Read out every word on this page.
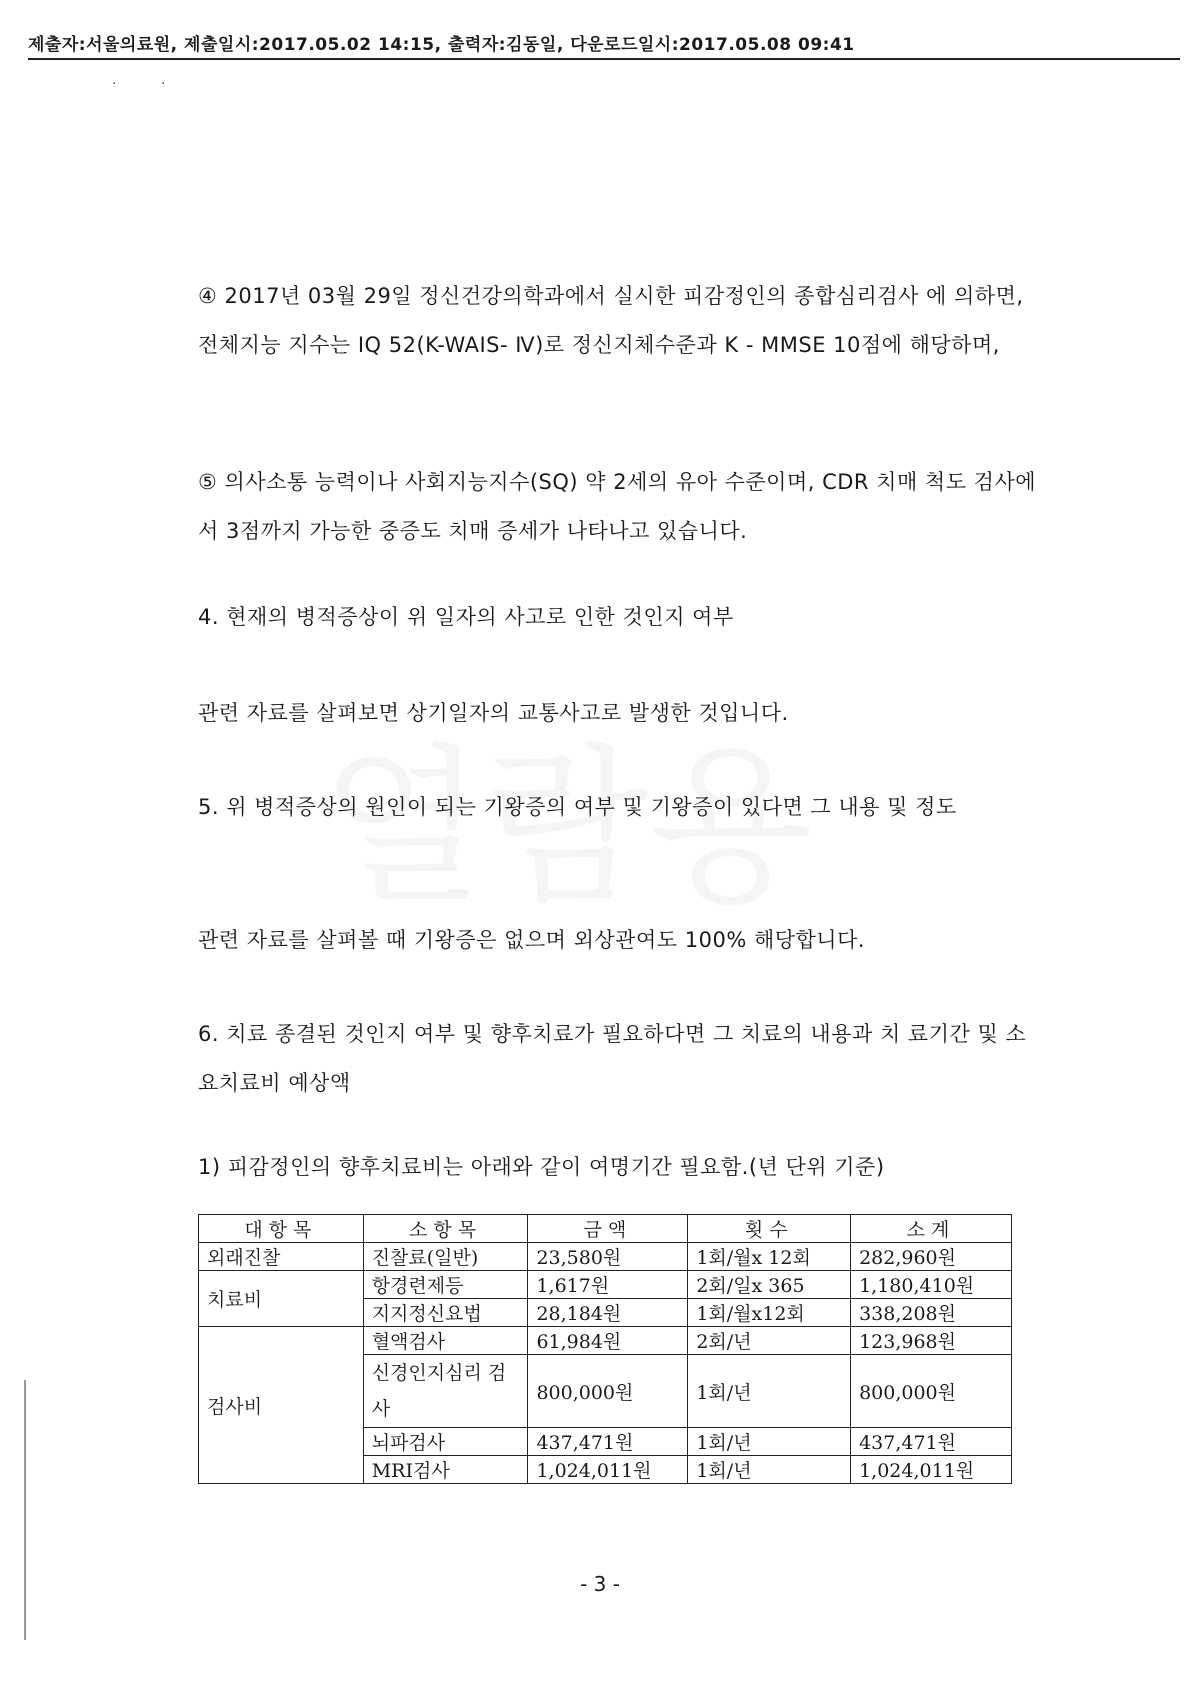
제출자:서울의료원, 제출일시:2017.05.02 14:15, 출력자:김동일, 다운로드일시:2017.05.08 09:41
·          ·
④ 2017년 03월 29일 정신건강의학과에서 실시한 피감정인의 종합심리검사 에 의하면, 전체지능 지수는 IQ 52(K-WAIS- Ⅳ)로 정신지체수준과 K - MMSE 10점에 해당하며,
⑤ 의사소통 능력이나 사회지능지수(SQ) 약 2세의 유아 수준이며, CDR 치매 척도 검사에서 3점까지 가능한 중증도 치매 증세가 나타나고 있습니다.
4. 현재의 병적증상이 위 일자의 사고로 인한 것인지 여부
관련 자료를 살펴보면 상기일자의 교통사고로 발생한 것입니다.
5. 위 병적증상의 원인이 되는 기왕증의 여부 및 기왕증이 있다면 그 내용 및 정도
관련 자료를 살펴볼 때 기왕증은 없으며 외상관여도 100% 해당합니다.
6. 치료 종결된 것인지 여부 및 향후치료가 필요하다면 그 치료의 내용과 치 료기간 및 소요치료비 예상액
1) 피감정인의 향후치료비는 아래와 같이 여명기간 필요함.(년 단위 기준)
대항목	소항목	금액	횟수	소계
외래진찰	진찰료(일반)	23,580원	1회/월x 12회	282,960원
치료비	항경련제등	1,617원	2회/일x 365	1,180,410원
	지지정신요법	28,184원	1회/월x12회	338,208원
검사비	혈액검사	61,984원	2회/년	123,968원
	신경인지심리 검사	800,000원	1회/년	800,000원
	뇌파검사	437,471원	1회/년	437,471원
	MRI검사	1,024,011원	1회/년	1,024,011원
- 3 -
